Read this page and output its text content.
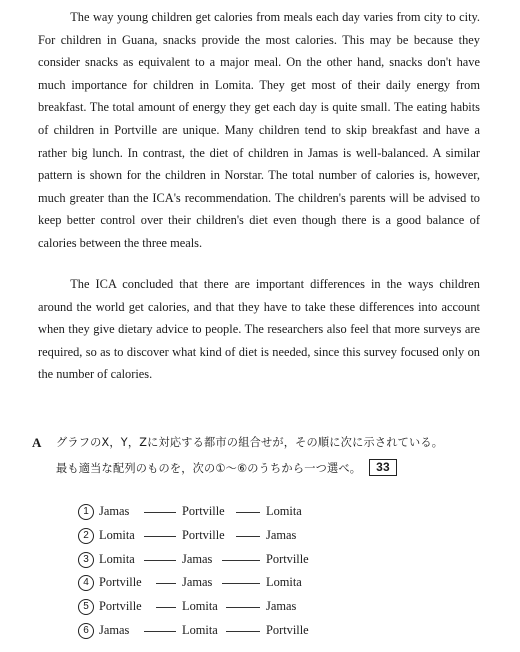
The way young children get calories from meals each day varies from city to city. For children in Guana, snacks provide the most calories. This may be because they consider snacks as equivalent to a major meal. On the other hand, snacks don't have much importance for children in Lomita. They get most of their daily energy from breakfast. The total amount of energy they get each day is quite small. The eating habits of children in Portville are unique. Many children tend to skip breakfast and have a rather big lunch. In contrast, the diet of children in Jamas is well-balanced. A similar pattern is shown for the children in Norstar. The total number of calories is, however, much greater than the ICA's recommendation. The children's parents will be advised to keep better control over their children's diet even though there is a good balance of calories between the three meals.

The ICA concluded that there are important differences in the ways children around the world get calories, and that they have to take these differences into account when they give dietary advice to people. The researchers also feel that more surveys are required, so as to discover what kind of diet is needed, since this survey focused only on the number of calories.

A グラフのX，Y，Zに対応する都市の組合せが，その順に次に示されている。
最も適当な配列のものを，次の①～⑥のうちから一つ選べ。 33
1 Jamas	Portville	Lomita
2 Lomita	Portville	Jamas
3 Lomita	Jamas	Portville
4 Portville	Jamas	Lomita
5 Portville	Lomita	Jamas
6 Jamas	Lomita	Portville
